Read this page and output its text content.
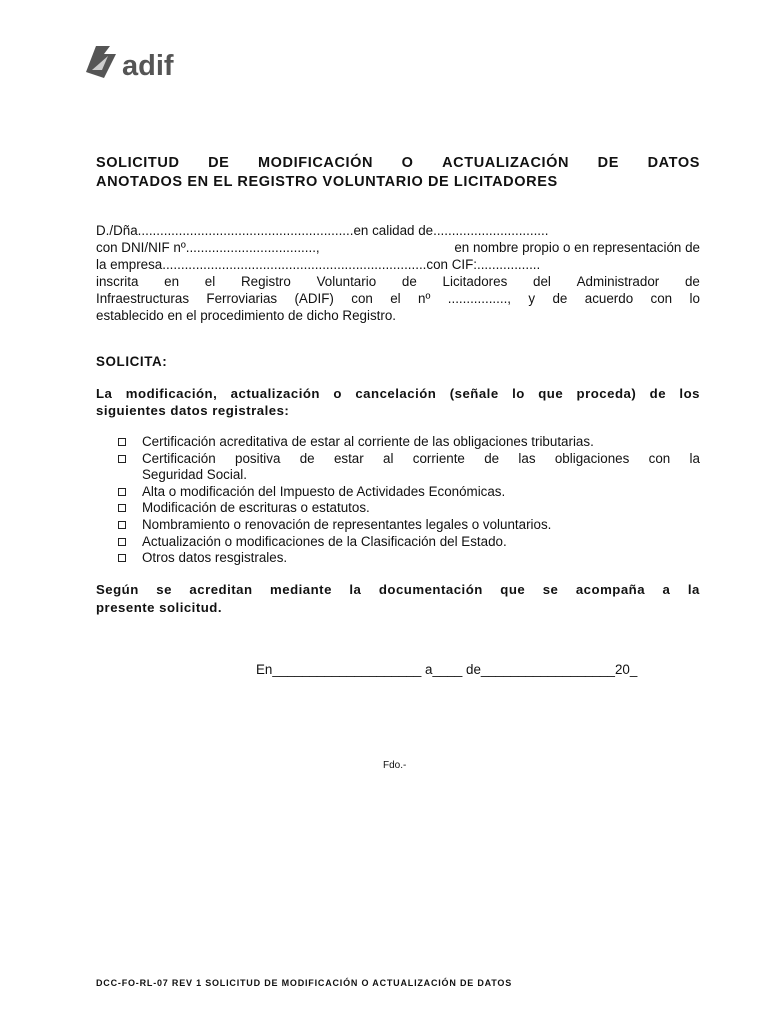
adif
SOLICITUD DE MODIFICACIÓN O ACTUALIZACIÓN DE DATOS
ANOTADOS EN EL REGISTRO VOLUNTARIO DE LICITADORES
D./Dña..........................................................en calidad de...............................
con DNI/NIF nº...................................,	en nombre propio o en representación de
la empresa.......................................................................con CIF:.................
inscrita en el Registro Voluntario de Licitadores del Administrador de
Infraestructuras Ferroviarias (ADIF) con el nº ................, y de acuerdo con lo
establecido en el procedimiento de dicho Registro.
SOLICITA:
La modificación, actualización o cancelación (señale lo que proceda) de los
siguientes datos registrales:
Certificación acreditativa de estar al corriente de las obligaciones tributarias.
Certificación positiva de estar al corriente de las obligaciones con la
Seguridad Social.
Alta o modificación del Impuesto de Actividades Económicas.
Modificación de escrituras o estatutos.
Nombramiento o renovación de representantes legales o voluntarios.
Actualización o modificaciones de la Clasificación del Estado.
Otros datos resgistrales.
Según se acreditan mediante la documentación que se acompaña a la
presente solicitud.
En____________________ a____ de__________________20_
Fdo.-
DCC-FO-RL-07 REV 1 SOLICITUD DE MODIFICACIÓN O ACTUALIZACIÓN DE DATOS
